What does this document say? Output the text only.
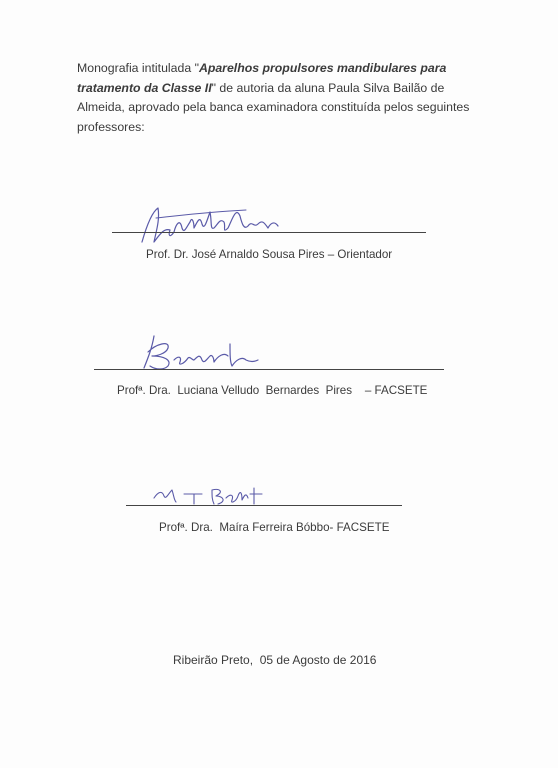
Monografia intitulada "Aparelhos propulsores mandibulares para tratamento da Classe II" de autoria da aluna Paula Silva Bailão de Almeida, aprovado pela banca examinadora constituída pelos seguintes professores:

Prof. Dr. José Arnaldo Sousa Pires – Orientador
Profª. Dra.  Luciana Velludo  Bernardes  Pires    – FACSETE
Profª. Dra.  Maíra Ferreira Bóbbo- FACSETE
Ribeirão Preto,  05 de Agosto de 2016
